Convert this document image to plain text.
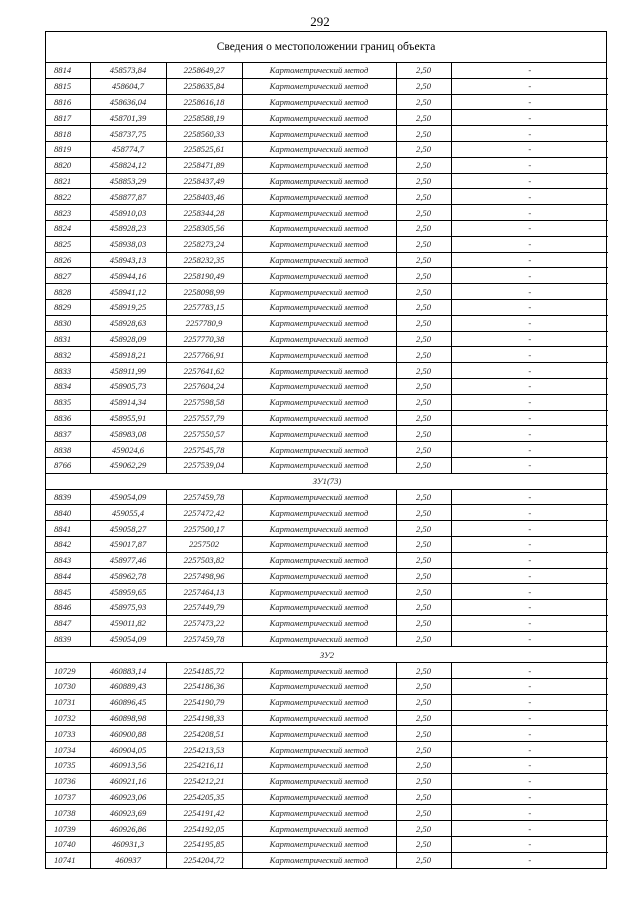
292
Сведения о местоположении границ объекта
8814	458573,84	2258649,27	Картометрический метод	2,50	-
8815	458604,7	2258635,84	Картометрический метод	2,50	-
8816	458636,04	2258616,18	Картометрический метод	2,50	-
8817	458701,39	2258588,19	Картометрический метод	2,50	-
8818	458737,75	2258560,33	Картометрический метод	2,50	-
8819	458774,7	2258525,61	Картометрический метод	2,50	-
8820	458824,12	2258471,89	Картометрический метод	2,50	-
8821	458853,29	2258437,49	Картометрический метод	2,50	-
8822	458877,87	2258403,46	Картометрический метод	2,50	-
8823	458910,03	2258344,28	Картометрический метод	2,50	-
8824	458928,23	2258305,56	Картометрический метод	2,50	-
8825	458938,03	2258273,24	Картометрический метод	2,50	-
8826	458943,13	2258232,35	Картометрический метод	2,50	-
8827	458944,16	2258190,49	Картометрический метод	2,50	-
8828	458941,12	2258098,99	Картометрический метод	2,50	-
8829	458919,25	2257783,15	Картометрический метод	2,50	-
8830	458928,63	2257780,9	Картометрический метод	2,50	-
8831	458928,09	2257770,38	Картометрический метод	2,50	-
8832	458918,21	2257766,91	Картометрический метод	2,50	-
8833	458911,99	2257641,62	Картометрический метод	2,50	-
8834	458905,73	2257604,24	Картометрический метод	2,50	-
8835	458914,34	2257598,58	Картометрический метод	2,50	-
8836	458955,91	2257557,79	Картометрический метод	2,50	-
8837	458983,08	2257550,57	Картометрический метод	2,50	-
8838	459024,6	2257545,78	Картометрический метод	2,50	-
8766	459062,29	2257539,04	Картометрический метод	2,50	-
ЗУ1(73)					
8839	459054,09	2257459,78	Картометрический метод	2,50	-
8840	459055,4	2257472,42	Картометрический метод	2,50	-
8841	459058,27	2257500,17	Картометрический метод	2,50	-
8842	459017,87	2257502	Картометрический метод	2,50	-
8843	458977,46	2257503,82	Картометрический метод	2,50	-
8844	458962,78	2257498,96	Картометрический метод	2,50	-
8845	458959,65	2257464,13	Картометрический метод	2,50	-
8846	458975,93	2257449,79	Картометрический метод	2,50	-
8847	459011,82	2257473,22	Картометрический метод	2,50	-
8839	459054,09	2257459,78	Картометрический метод	2,50	-
ЗУ2					
10729	460883,14	2254185,72	Картометрический метод	2,50	-
10730	460889,43	2254186,36	Картометрический метод	2,50	-
10731	460896,45	2254190,79	Картометрический метод	2,50	-
10732	460898,98	2254198,33	Картометрический метод	2,50	-
10733	460900,88	2254208,51	Картометрический метод	2,50	-
10734	460904,05	2254213,53	Картометрический метод	2,50	-
10735	460913,56	2254216,11	Картометрический метод	2,50	-
10736	460921,16	2254212,21	Картометрический метод	2,50	-
10737	460923,06	2254205,35	Картометрический метод	2,50	-
10738	460923,69	2254191,42	Картометрический метод	2,50	-
10739	460926,86	2254192,05	Картометрический метод	2,50	-
10740	460931,3	2254195,85	Картометрический метод	2,50	-
10741	460937	2254204,72	Картометрический метод	2,50	-
